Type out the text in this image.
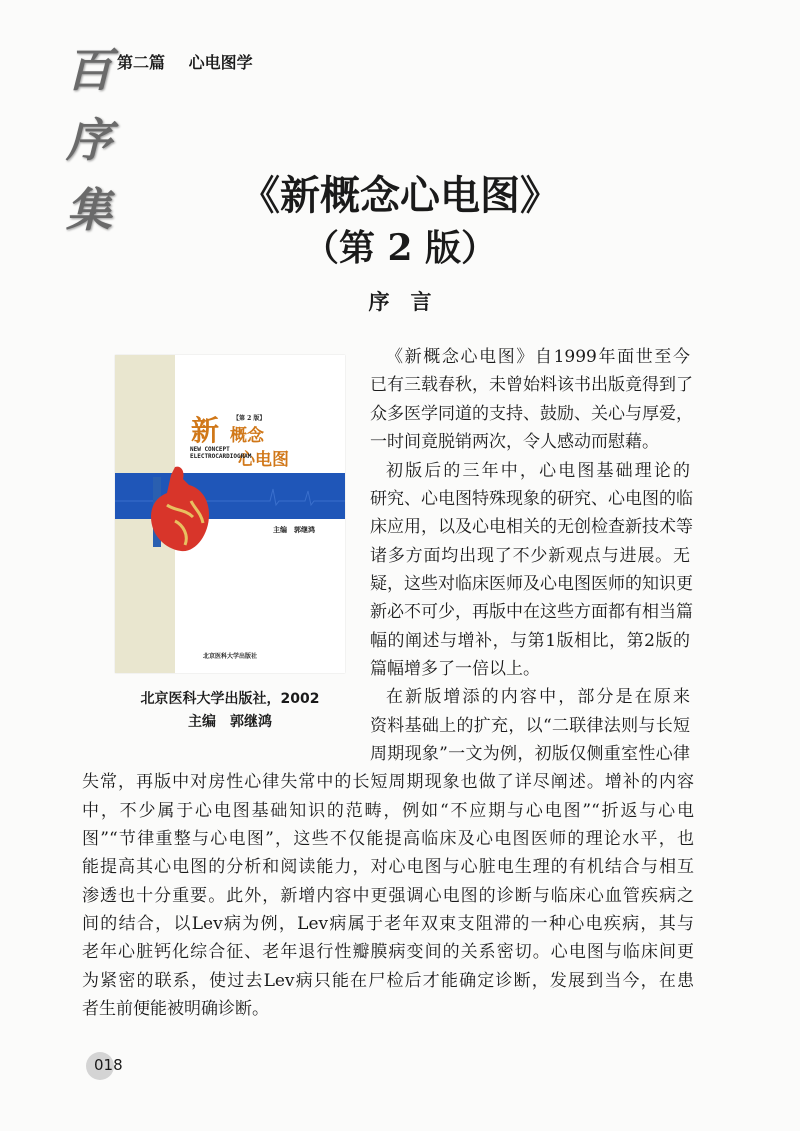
百
序
集
第二篇 心电图学
《新概念心电图》
（第 2 版）
序　言
【第 2 版】
新 概念
心电图
NEW CONCEPT
ELECTROCARDIOGRAM
主编　郭继鸿
北京医科大学出版社
北京医科大学出版社，2002
主编　郭继鸿
《新概念心电图》自1999年面世至今
已有三载春秋，未曾始料该书出版竟得到了
众多医学同道的支持、鼓励、关心与厚爱，
一时间竟脱销两次，令人感动而慰藉。
初版后的三年中，心电图基础理论的
研究、心电图特殊现象的研究、心电图的临
床应用，以及心电相关的无创检查新技术等
诸多方面均出现了不少新观点与进展。无
疑，这些对临床医师及心电图医师的知识更
新必不可少，再版中在这些方面都有相当篇
幅的阐述与增补，与第1版相比，第2版的
篇幅增多了一倍以上。
在新版增添的内容中，部分是在原来
资料基础上的扩充，以“二联律法则与长短
周期现象”一文为例，初版仅侧重室性心律
失常，再版中对房性心律失常中的长短周期现象也做了详尽阐述。增补的内容
中，不少属于心电图基础知识的范畴，例如“不应期与心电图”“折返与心电
图”“节律重整与心电图”，这些不仅能提高临床及心电图医师的理论水平，也
能提高其心电图的分析和阅读能力，对心电图与心脏电生理的有机结合与相互
渗透也十分重要。此外，新增内容中更强调心电图的诊断与临床心血管疾病之
间的结合，以Lev病为例，Lev病属于老年双束支阻滞的一种心电疾病，其与
老年心脏钙化综合征、老年退行性瓣膜病变间的关系密切。心电图与临床间更
为紧密的联系，使过去Lev病只能在尸检后才能确定诊断，发展到当今，在患
者生前便能被明确诊断。
018
